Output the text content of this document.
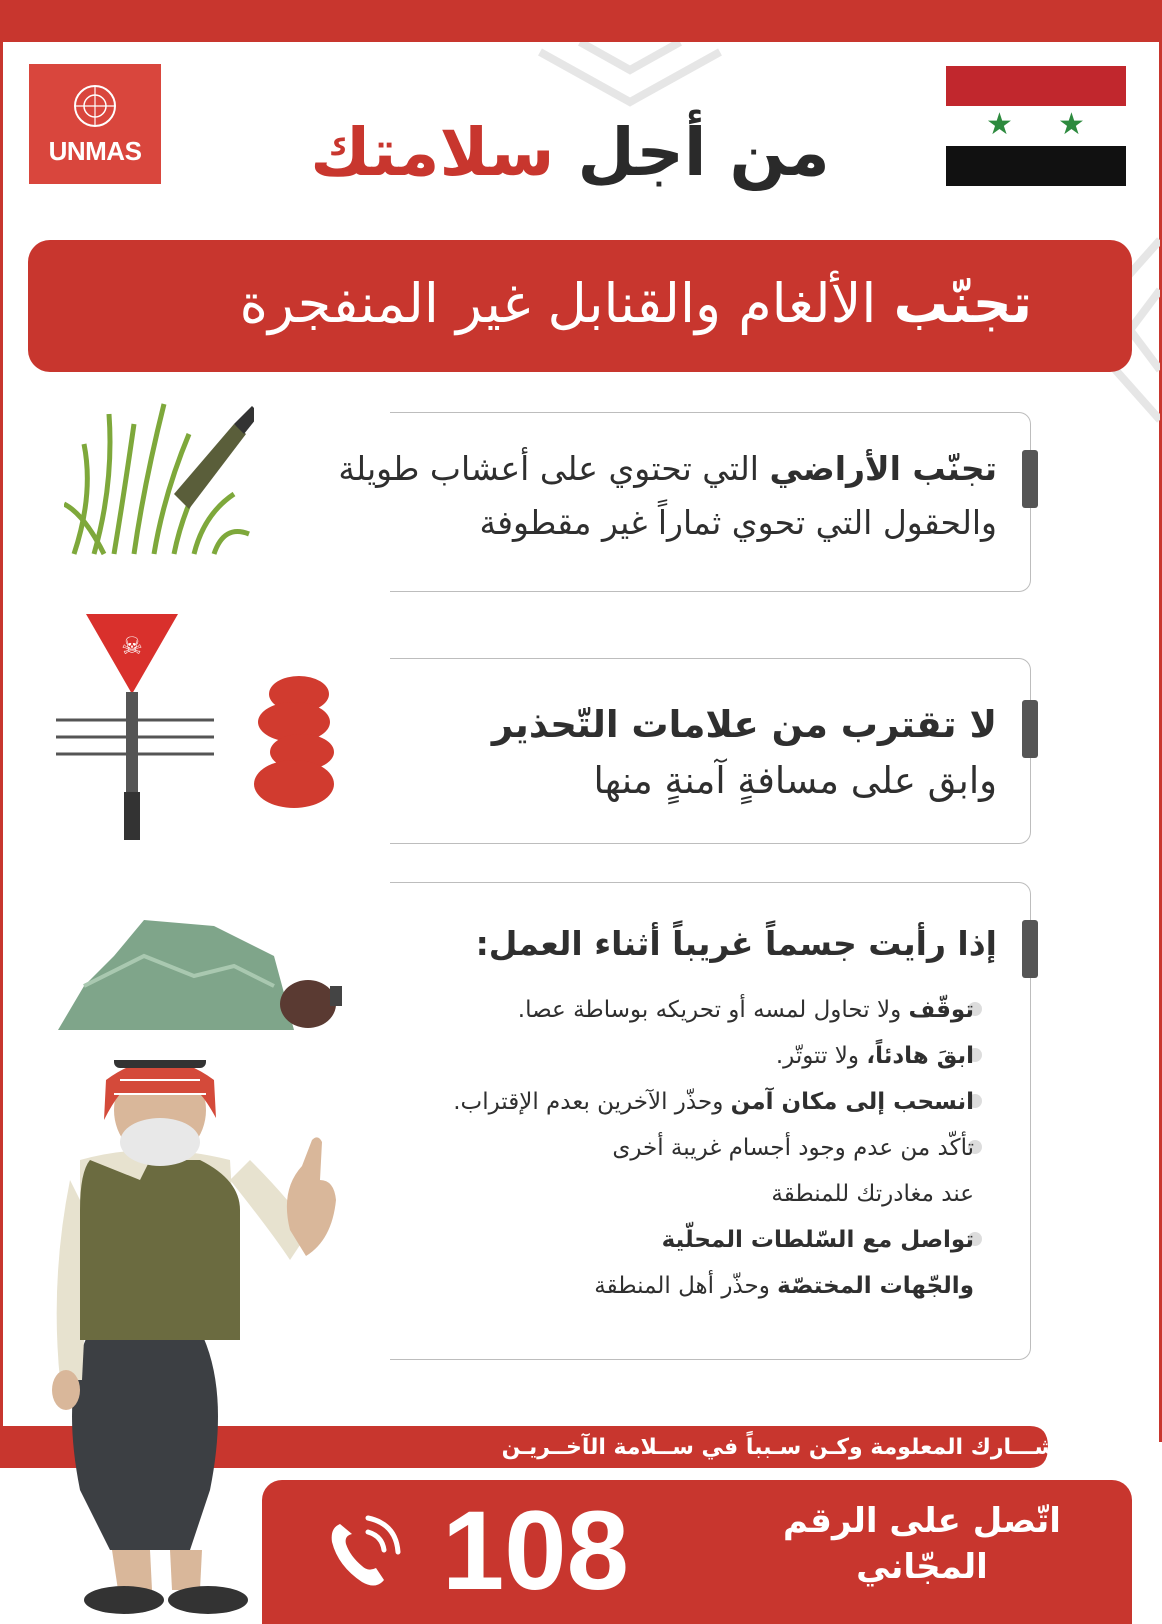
UNMAS
★ ★
من أجل سلامتك
تجنّب الألغام والقنابل غير المنفجرة
تجنّب الأراضي التي تحتوي على أعشاب طويلة
والحقول التي تحوي ثماراً غير مقطوفة
☠
لا تقترب من علامات التّحذير
وابق على مسافةٍ آمنةٍ منها
إذا رأيت جسماً غريباً أثناء العمل:
توقّف ولا تحاول لمسه أو تحريكه بوساطة عصا.
ابقَ هادئاً، ولا تتوتّر.
انسحب إلى مكان آمن وحذّر الآخرين بعدم الإقتراب.
تأكّد من عدم وجود أجسام غريبة أخرى
عند مغادرتك للمنطقة
تواصل مع السّلطات المحلّية
والجّهات المختصّة وحذّر أهل المنطقة
شـــارك المعلومة وكـن سـبباً في ســلامة الآخــريـن
108	اتّصل على الرقم المجّاني
